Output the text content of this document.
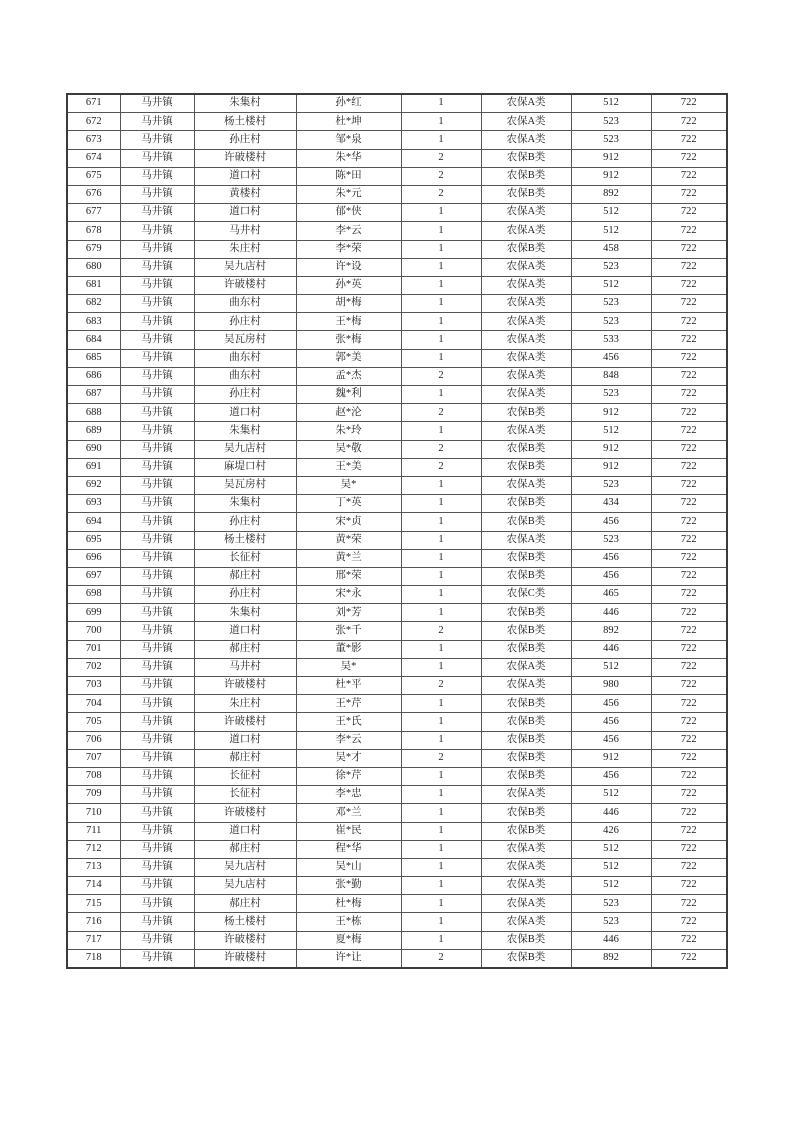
671	马井镇	朱集村	孙*红	1	农保A类	512	722
672	马井镇	杨土楼村	杜*坤	1	农保A类	523	722
673	马井镇	孙庄村	邹*泉	1	农保A类	523	722
674	马井镇	许破楼村	朱*华	2	农保B类	912	722
675	马井镇	道口村	陈*田	2	农保B类	912	722
676	马井镇	黄楼村	朱*元	2	农保B类	892	722
677	马井镇	道口村	郁*侠	1	农保A类	512	722
678	马井镇	马井村	李*云	1	农保A类	512	722
679	马井镇	朱庄村	李*荣	1	农保B类	458	722
680	马井镇	吴九店村	许*设	1	农保A类	523	722
681	马井镇	许破楼村	孙*英	1	农保A类	512	722
682	马井镇	曲东村	胡*梅	1	农保A类	523	722
683	马井镇	孙庄村	王*梅	1	农保A类	523	722
684	马井镇	吴瓦房村	张*梅	1	农保A类	533	722
685	马井镇	曲东村	郭*美	1	农保A类	456	722
686	马井镇	曲东村	孟*杰	2	农保A类	848	722
687	马井镇	孙庄村	魏*利	1	农保A类	523	722
688	马井镇	道口村	赵*沦	2	农保B类	912	722
689	马井镇	朱集村	朱*玲	1	农保A类	512	722
690	马井镇	吴九店村	吴*敬	2	农保B类	912	722
691	马井镇	麻堤口村	王*美	2	农保B类	912	722
692	马井镇	吴瓦房村	吴*	1	农保A类	523	722
693	马井镇	朱集村	丁*英	1	农保B类	434	722
694	马井镇	孙庄村	宋*贞	1	农保B类	456	722
695	马井镇	杨土楼村	黄*荣	1	农保A类	523	722
696	马井镇	长征村	黄*兰	1	农保B类	456	722
697	马井镇	郝庄村	邢*荣	1	农保B类	456	722
698	马井镇	孙庄村	宋*永	1	农保C类	465	722
699	马井镇	朱集村	刘*芳	1	农保B类	446	722
700	马井镇	道口村	张*千	2	农保B类	892	722
701	马井镇	郝庄村	董*影	1	农保B类	446	722
702	马井镇	马井村	吴*	1	农保A类	512	722
703	马井镇	许破楼村	杜*平	2	农保A类	980	722
704	马井镇	朱庄村	王*芹	1	农保B类	456	722
705	马井镇	许破楼村	王*氏	1	农保B类	456	722
706	马井镇	道口村	李*云	1	农保B类	456	722
707	马井镇	郝庄村	吴*才	2	农保B类	912	722
708	马井镇	长征村	徐*芹	1	农保B类	456	722
709	马井镇	长征村	李*忠	1	农保A类	512	722
710	马井镇	许破楼村	邓*兰	1	农保B类	446	722
711	马井镇	道口村	崔*民	1	农保B类	426	722
712	马井镇	郝庄村	程*华	1	农保A类	512	722
713	马井镇	吴九店村	吴*山	1	农保A类	512	722
714	马井镇	吴九店村	张*勤	1	农保A类	512	722
715	马井镇	郝庄村	杜*梅	1	农保A类	523	722
716	马井镇	杨土楼村	王*栋	1	农保A类	523	722
717	马井镇	许破楼村	夏*梅	1	农保B类	446	722
718	马井镇	许破楼村	许*让	2	农保B类	892	722
